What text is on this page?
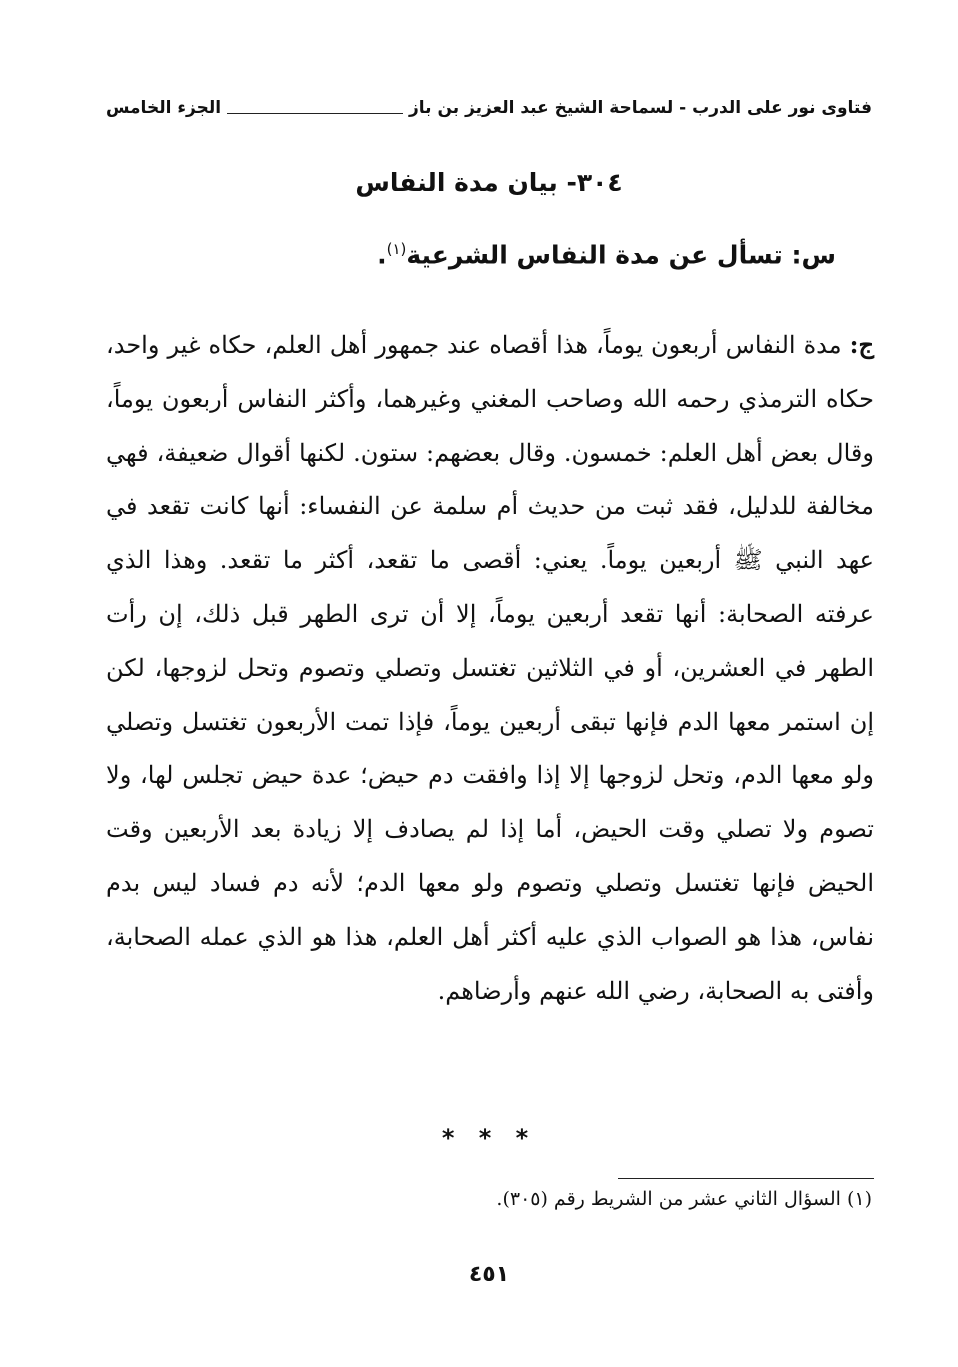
فتاوى نور على الدرب - لسماحة الشيخ عبد العزيز بن باز
الجزء الخامس
٣٠٤- بيان مدة النفاس
س: تسأل عن مدة النفاس الشرعية$^{(١)}$.
ج: مدة النفاس أربعون يوماً، هذا أقصاه عند جمهور أهل العلم، حكاه غير واحد، حكاه الترمذي رحمه الله وصاحب المغني وغيرهما، وأكثر النفاس أربعون يوماً، وقال بعض أهل العلم: خمسون. وقال بعضهم: ستون. لكنها أقوال ضعيفة، فهي مخالفة للدليل، فقد ثبت من حديث أم سلمة عن النفساء: أنها كانت تقعد في عهد النبي ﷺ أربعين يوماً. يعني: أقصى ما تقعد، أكثر ما تقعد. وهذا الذي عرفته الصحابة: أنها تقعد أربعين يوماً، إلا أن ترى الطهر قبل ذلك، إن رأت الطهر في العشرين، أو في الثلاثين تغتسل وتصلي وتصوم وتحل لزوجها، لكن إن استمر معها الدم فإنها تبقى أربعين يوماً، فإذا تمت الأربعون تغتسل وتصلي ولو معها الدم، وتحل لزوجها إلا إذا وافقت دم حيض؛ عدة حيض تجلس لها، ولا تصوم ولا تصلي وقت الحيض، أما إذا لم يصادف إلا زيادة بعد الأربعين وقت الحيض فإنها تغتسل وتصلي وتصوم ولو معها الدم؛ لأنه دم فساد ليس بدم نفاس، هذا هو الصواب الذي عليه أكثر أهل العلم، هذا هو الذي عمله الصحابة، وأفتى به الصحابة، رضي الله عنهم وأرضاهم.
* * *
(١) السؤال الثاني عشر من الشريط رقم (٣٠٥).
٤٥١
